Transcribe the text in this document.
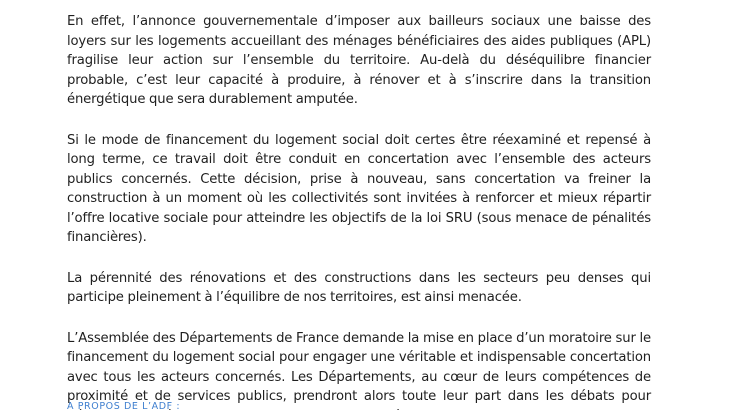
En effet, l’annonce gouvernementale d’imposer aux bailleurs sociaux une baisse des loyers sur les logements accueillant des ménages bénéficiaires des aides publiques (APL) fragilise leur action sur l’ensemble du territoire. Au-delà du déséquilibre financier probable, c’est leur capacité à produire, à rénover et à s’inscrire dans la transition énergétique que sera durablement amputée.

Si le mode de financement du logement social doit certes être réexaminé et repensé à long terme, ce travail doit être conduit en concertation avec l’ensemble des acteurs publics concernés. Cette décision, prise à nouveau, sans concertation va freiner la construction à un moment où les collectivités sont invitées à renforcer et mieux répartir l’offre locative sociale pour atteindre les objectifs de la loi SRU (sous menace de pénalités financières).

La pérennité des rénovations et des constructions dans les secteurs peu denses qui participe pleinement à l’équilibre de nos territoires, est ainsi menacée.

L’Assemblée des Départements de France demande la mise en place d’un moratoire sur le financement du logement social pour engager une véritable et indispensable concertation avec tous les acteurs concernés. Les Départements, au cœur de leurs compétences de proximité et de services publics, prendront alors toute leur part dans les débats pour

A PROPOS DE L’ADF :
